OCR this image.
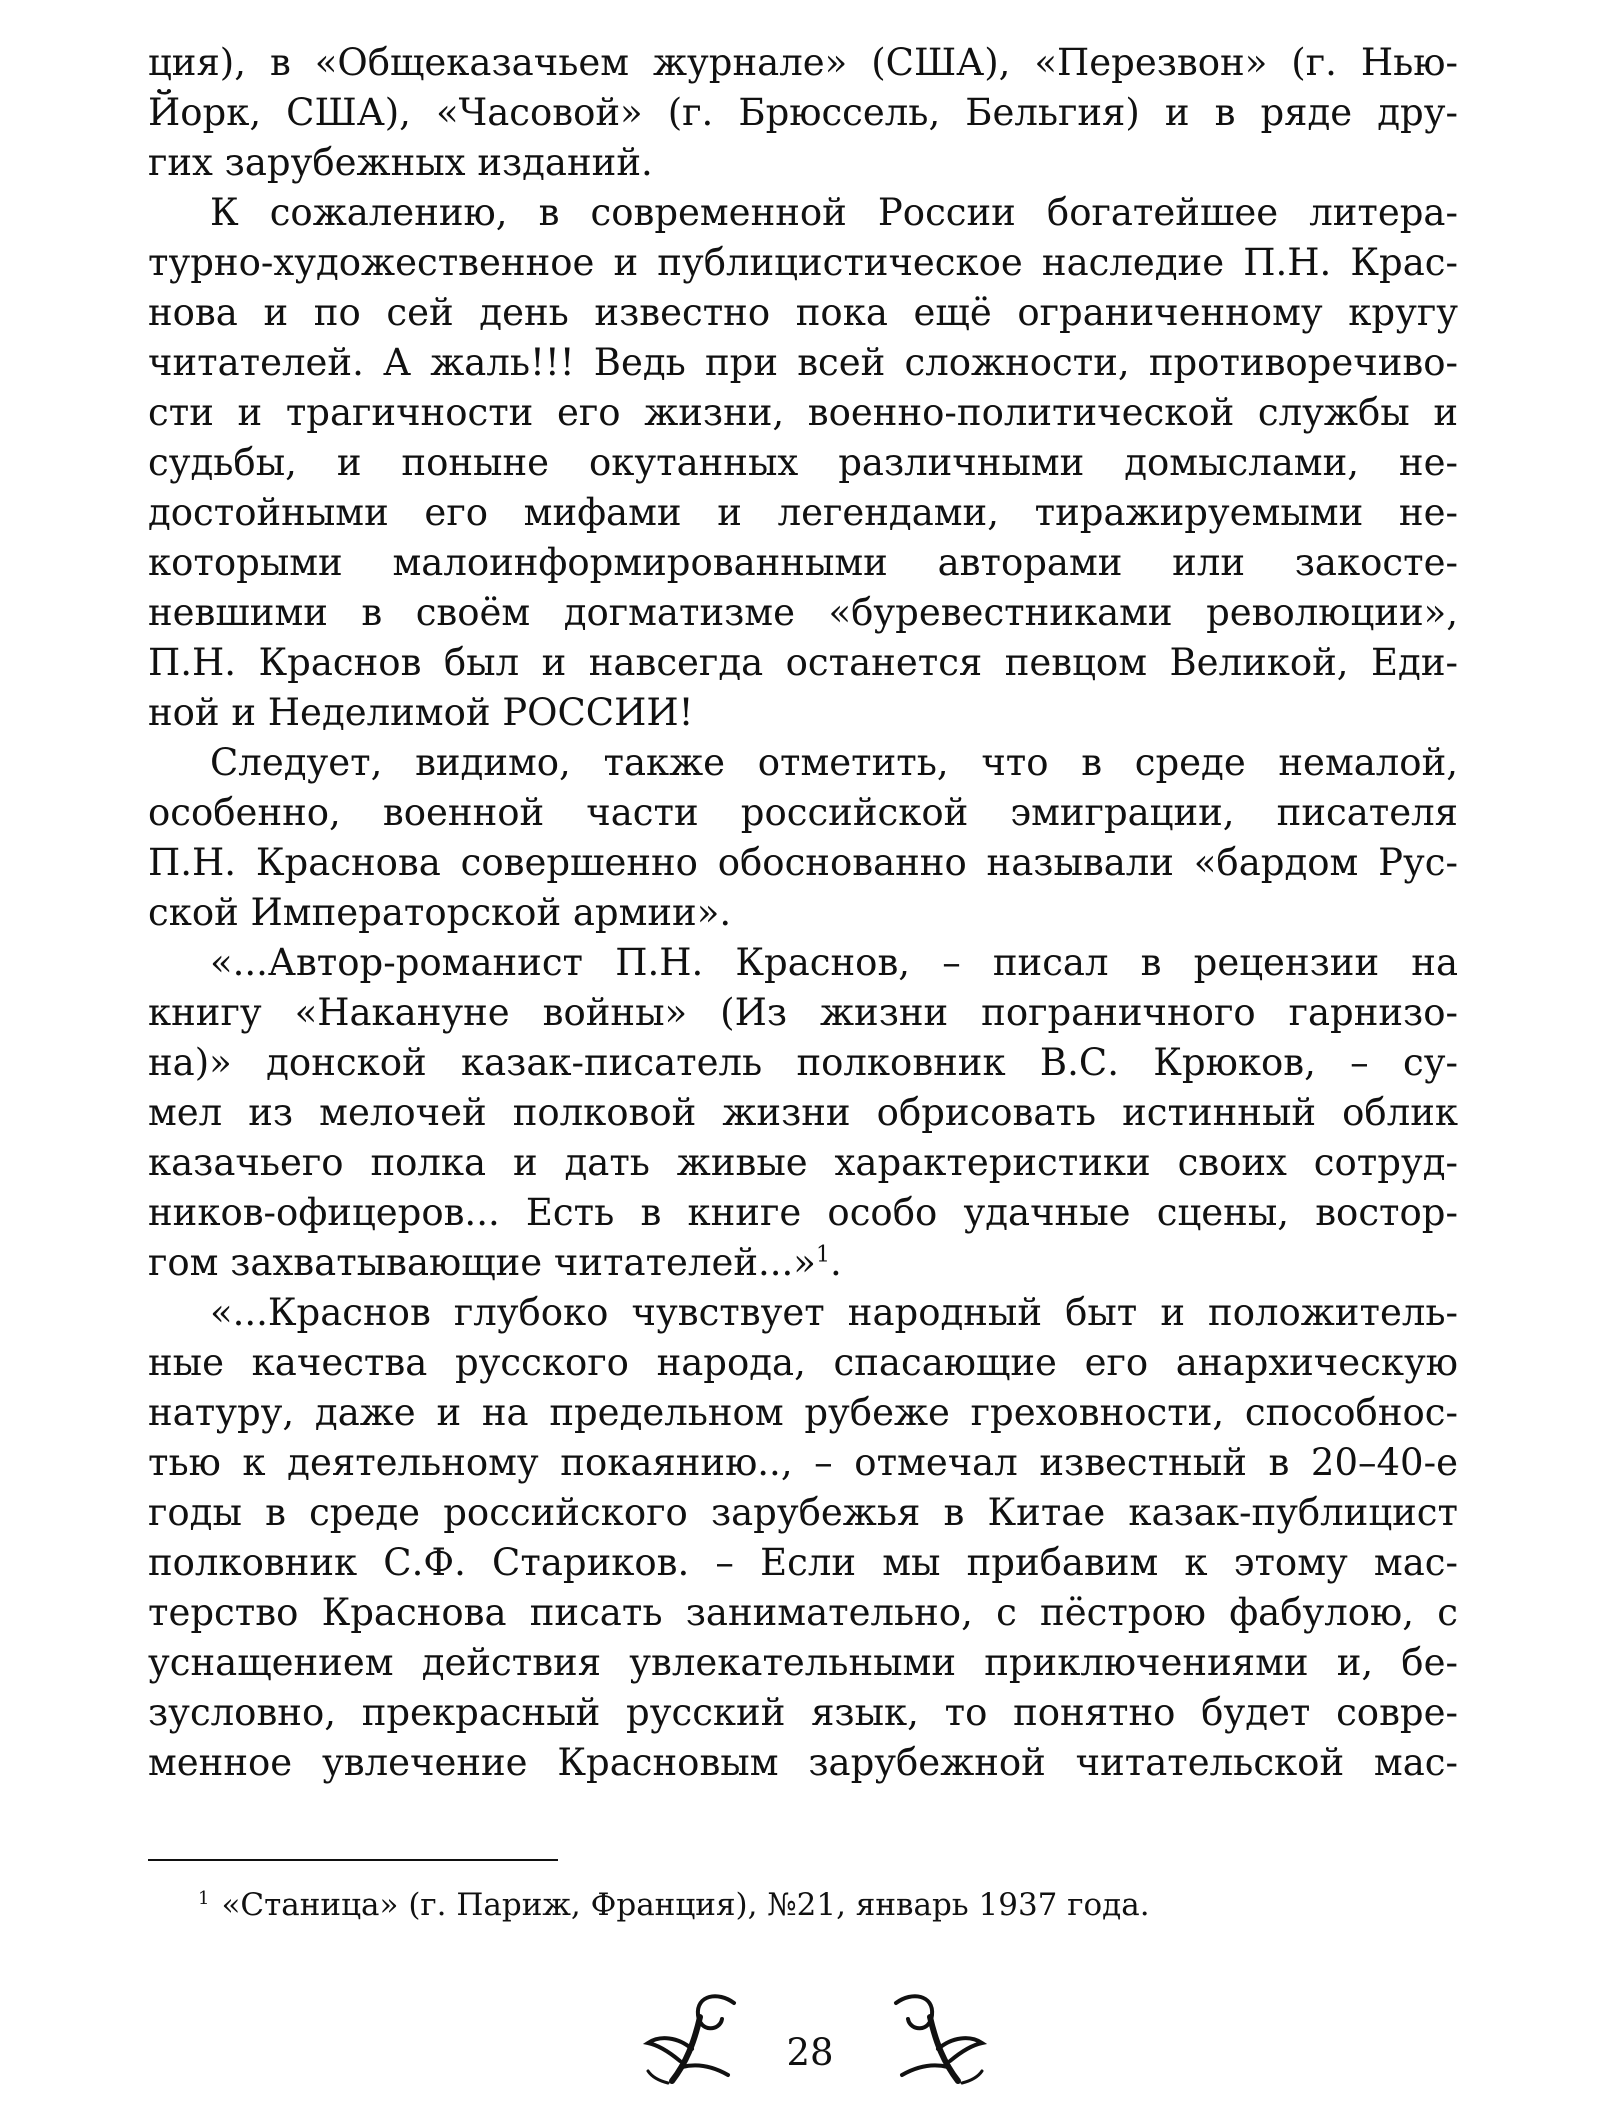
ция), в «Общеказачьем журнале» (США), «Перезвон» (г. Нью-
Йорк, США), «Часовой» (г. Брюссель, Бельгия) и в ряде дру-
гих зарубежных изданий.
К сожалению, в современной России богатейшее литера-
турно-художественное и публицистическое наследие П.Н. Крас-
нова и по сей день известно пока ещё ограниченному кругу
читателей. А жаль!!! Ведь при всей сложности, противоречиво-
сти и трагичности его жизни, военно-политической службы и
судьбы, и поныне окутанных различными домыслами, не-
достойными его мифами и легендами, тиражируемыми не-
которыми малоинформированными авторами или закосте-
невшими в своём догматизме «буревестниками революции»,
П.Н. Краснов был и навсегда останется певцом Великой, Еди-
ной и Неделимой РОССИИ!
Следует, видимо, также отметить, что в среде немалой,
особенно, военной части российской эмиграции, писателя
П.Н. Краснова совершенно обоснованно называли «бардом Рус-
ской Императорской армии».
«...Автор-романист П.Н. Краснов, – писал в рецензии на
книгу «Накануне войны» (Из жизни пограничного гарнизо-
на)» донской казак-писатель полковник В.С. Крюков, – су-
мел из мелочей полковой жизни обрисовать истинный облик
казачьего полка и дать живые характеристики своих сотруд-
ников-офицеров... Есть в книге особо удачные сцены, востор-
гом захватывающие читателей...»$^1$.
«...Краснов глубоко чувствует народный быт и положитель-
ные качества русского народа, спасающие его анархическую
натуру, даже и на предельном рубеже греховности, способнос-
тью к деятельному покаянию.., – отмечал известный в 20–40-е
годы в среде российского зарубежья в Китае казак-публицист
полковник С.Ф. Стариков. – Если мы прибавим к этому мас-
терство Краснова писать занимательно, с пёстрою фабулою, с
уснащением действия увлекательными приключениями и, бе-
зусловно, прекрасный русский язык, то понятно будет совре-
менное увлечение Красновым зарубежной читательской мас-
$^1$ «Станица» (г. Париж, Франция), №21, январь 1937 года.
28
